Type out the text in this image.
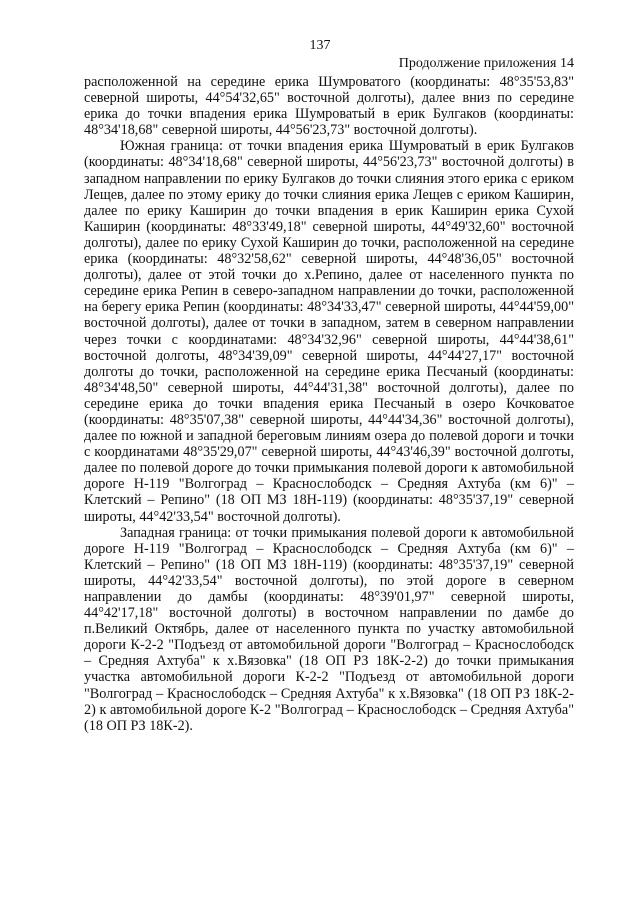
137
Продолжение приложения 14

расположенной на середине ерика Шумроватого (координаты: 48°35'53,83" северной широты, 44°54'32,65" восточной долготы), далее вниз по середине ерика до точки впадения ерика Шумроватый в ерик Булгаков (координаты: 48°34'18,68" северной широты, 44°56'23,73" восточной долготы).

Южная граница: от точки впадения ерика Шумроватый в ерик Булгаков (координаты: 48°34'18,68" северной широты, 44°56'23,73" восточной долготы) в западном направлении по ерику Булгаков до точки слияния этого ерика с ериком Лещев, далее по этому ерику до точки слияния ерика Лещев с ериком Каширин, далее по ерику Каширин до точки впадения в ерик Каширин ерика Сухой Каширин (координаты: 48°33'49,18" северной широты, 44°49'32,60" восточной долготы), далее по ерику Сухой Каширин до точки, расположенной на середине ерика (координаты: 48°32'58,62" северной широты, 44°48'36,05" восточной долготы), далее от этой точки до х.Репино, далее от населенного пункта по середине ерика Репин в северо-западном направлении до точки, расположенной на берегу ерика Репин (координаты: 48°34'33,47" северной широты, 44°44'59,00" восточной долготы), далее от точки в западном, затем в северном направлении через точки с координатами: 48°34'32,96" северной широты, 44°44'38,61" восточной долготы, 48°34'39,09" северной широты, 44°44'27,17" восточной долготы до точки, расположенной на середине ерика Песчаный (координаты: 48°34'48,50" северной широты, 44°44'31,38" восточной долготы), далее по середине ерика до точки впадения ерика Песчаный в озеро Кочковатое (координаты: 48°35'07,38" северной широты, 44°44'34,36" восточной долготы), далее по южной и западной береговым линиям озера до полевой дороги и точки с координатами 48°35'29,07" северной широты, 44°43'46,39" восточной долготы, далее по полевой дороге до точки примыкания полевой дороги к автомобильной дороге Н-119 "Волгоград – Краснослободск – Средняя Ахтуба (км 6)" – Клетский – Репино" (18 ОП МЗ 18Н-119) (координаты: 48°35'37,19" северной широты, 44°42'33,54" восточной долготы).

Западная граница: от точки примыкания полевой дороги к автомобильной дороге Н-119 "Волгоград – Краснослободск – Средняя Ахтуба (км 6)" – Клетский – Репино" (18 ОП МЗ 18Н-119) (координаты: 48°35'37,19" северной широты, 44°42'33,54" восточной долготы), по этой дороге в северном направлении до дамбы (координаты: 48°39'01,97" северной широты, 44°42'17,18" восточной долготы) в восточном направлении по дамбе до п.Великий Октябрь, далее от населенного пункта по участку автомобильной дороги К-2-2 "Подъезд от автомобильной дороги "Волгоград – Краснослободск – Средняя Ахтуба" к х.Вязовка" (18 ОП РЗ 18К-2-2) до точки примыкания участка автомобильной дороги К-2-2 "Подъезд от автомобильной дороги "Волгоград – Краснослободск – Средняя Ахтуба" к х.Вязовка" (18 ОП РЗ 18К-2-2) к автомобильной дороге К-2 "Волгоград – Краснослободск – Средняя Ахтуба" (18 ОП РЗ 18К-2).
